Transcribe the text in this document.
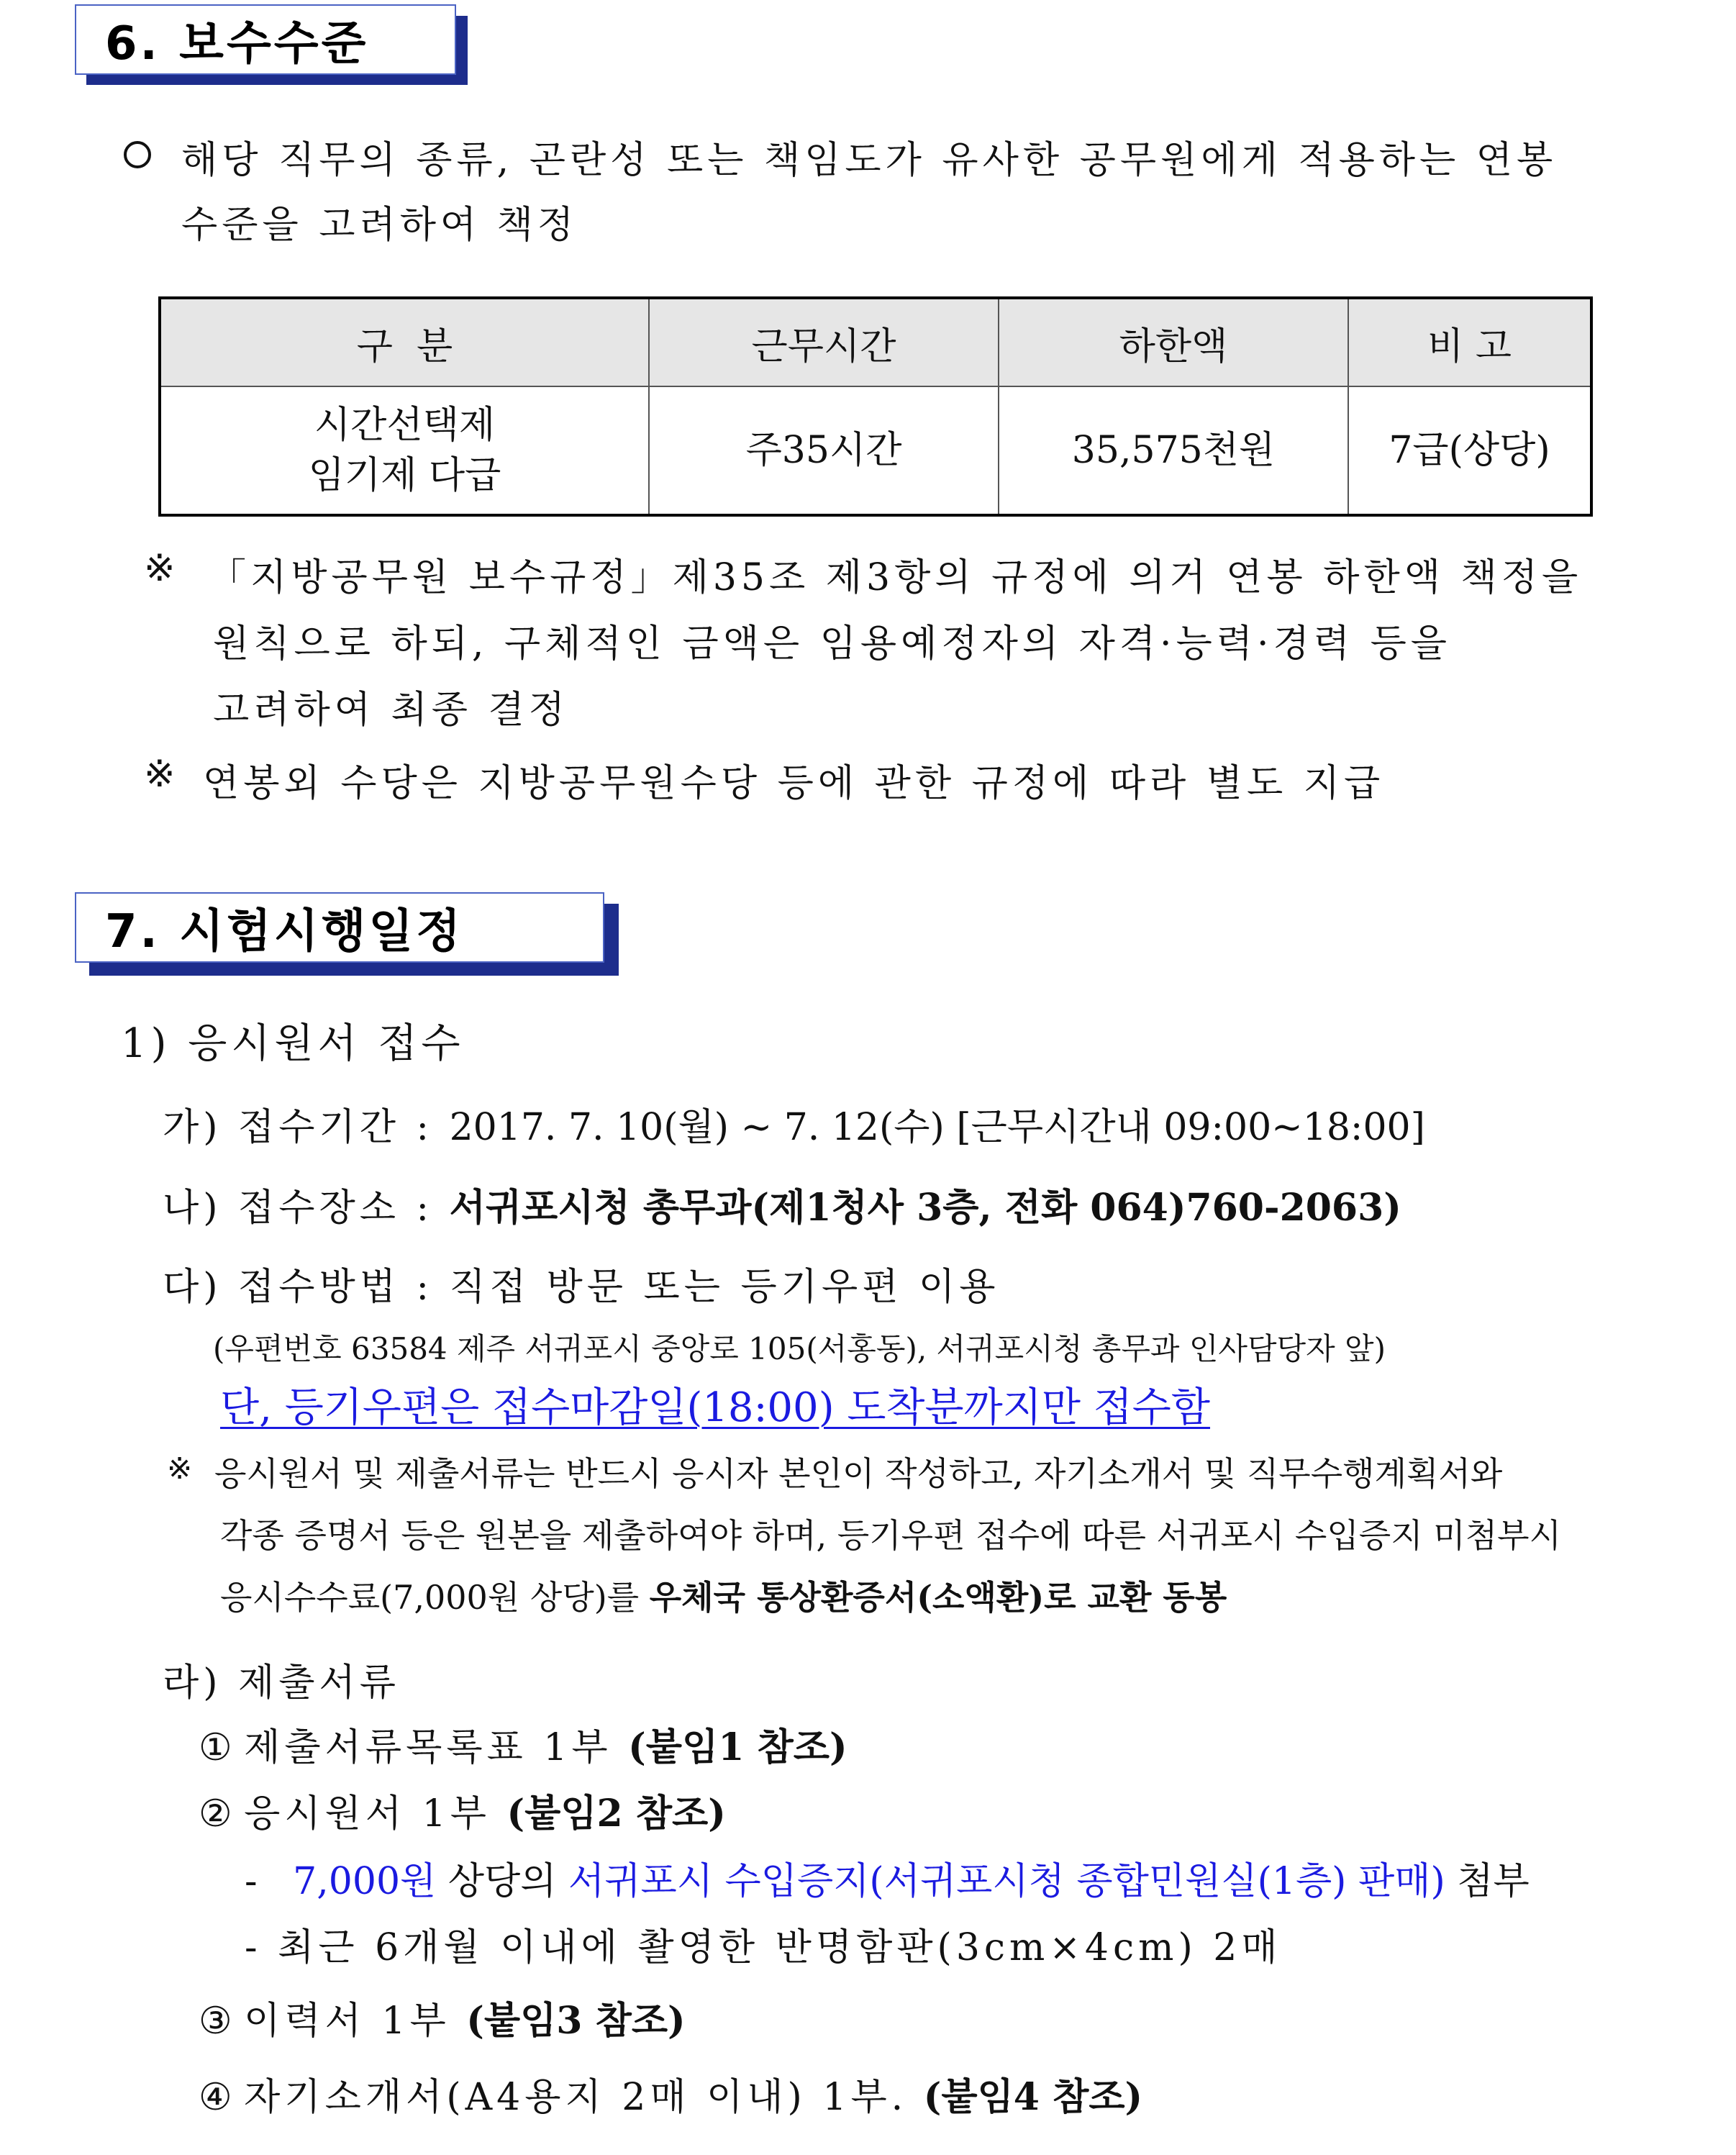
6. 보수수준
해당 직무의 종류, 곤란성 또는 책임도가 유사한 공무원에게 적용하는 연봉
수준을 고려하여 책정
구  분	근무시간	하한액	비 고

시간선택제
임기제 다급	주35시간	35,575천원	7급(상당)
※ 「지방공무원 보수규정」제35조 제3항의 규정에 의거 연봉 하한액 책정을
원칙으로 하되, 구체적인 금액은 임용예정자의 자격·능력·경력 등을
고려하여 최종 결정
※ 연봉외 수당은 지방공무원수당 등에 관한 규정에 따라 별도 지급
7. 시험시행일정
1) 응시원서 접수
가) 접수기간 : 2017. 7. 10(월) ~ 7. 12(수) [근무시간내 09:00~18:00]
나) 접수장소 : 서귀포시청 총무과(제1청사 3층, 전화 064)760-2063)
다) 접수방법 : 직접 방문 또는 등기우편 이용
(우편번호 63584 제주 서귀포시 중앙로 105(서홍동), 서귀포시청 총무과 인사담당자 앞)
단, 등기우편은 접수마감일(18:00) 도착분까지만 접수함
※ 응시원서 및 제출서류는 반드시 응시자 본인이 작성하고, 자기소개서 및 직무수행계획서와
각종 증명서 등은 원본을 제출하여야 하며, 등기우편 접수에 따른 서귀포시 수입증지 미첨부시
응시수수료(7,000원 상당)를 우체국 통상환증서(소액환)로 교환 동봉
라) 제출서류
① 제출서류목록표 1부 (붙임1 참조)
② 응시원서 1부 (붙임2 참조)
- 7,000원 상당의 서귀포시 수입증지(서귀포시청 종합민원실(1층) 판매) 첨부
- 최근 6개월 이내에 촬영한 반명함판(3cm×4cm) 2매
③ 이력서 1부 (붙임3 참조)
④ 자기소개서(A4용지 2매 이내) 1부. (붙임4 참조)
